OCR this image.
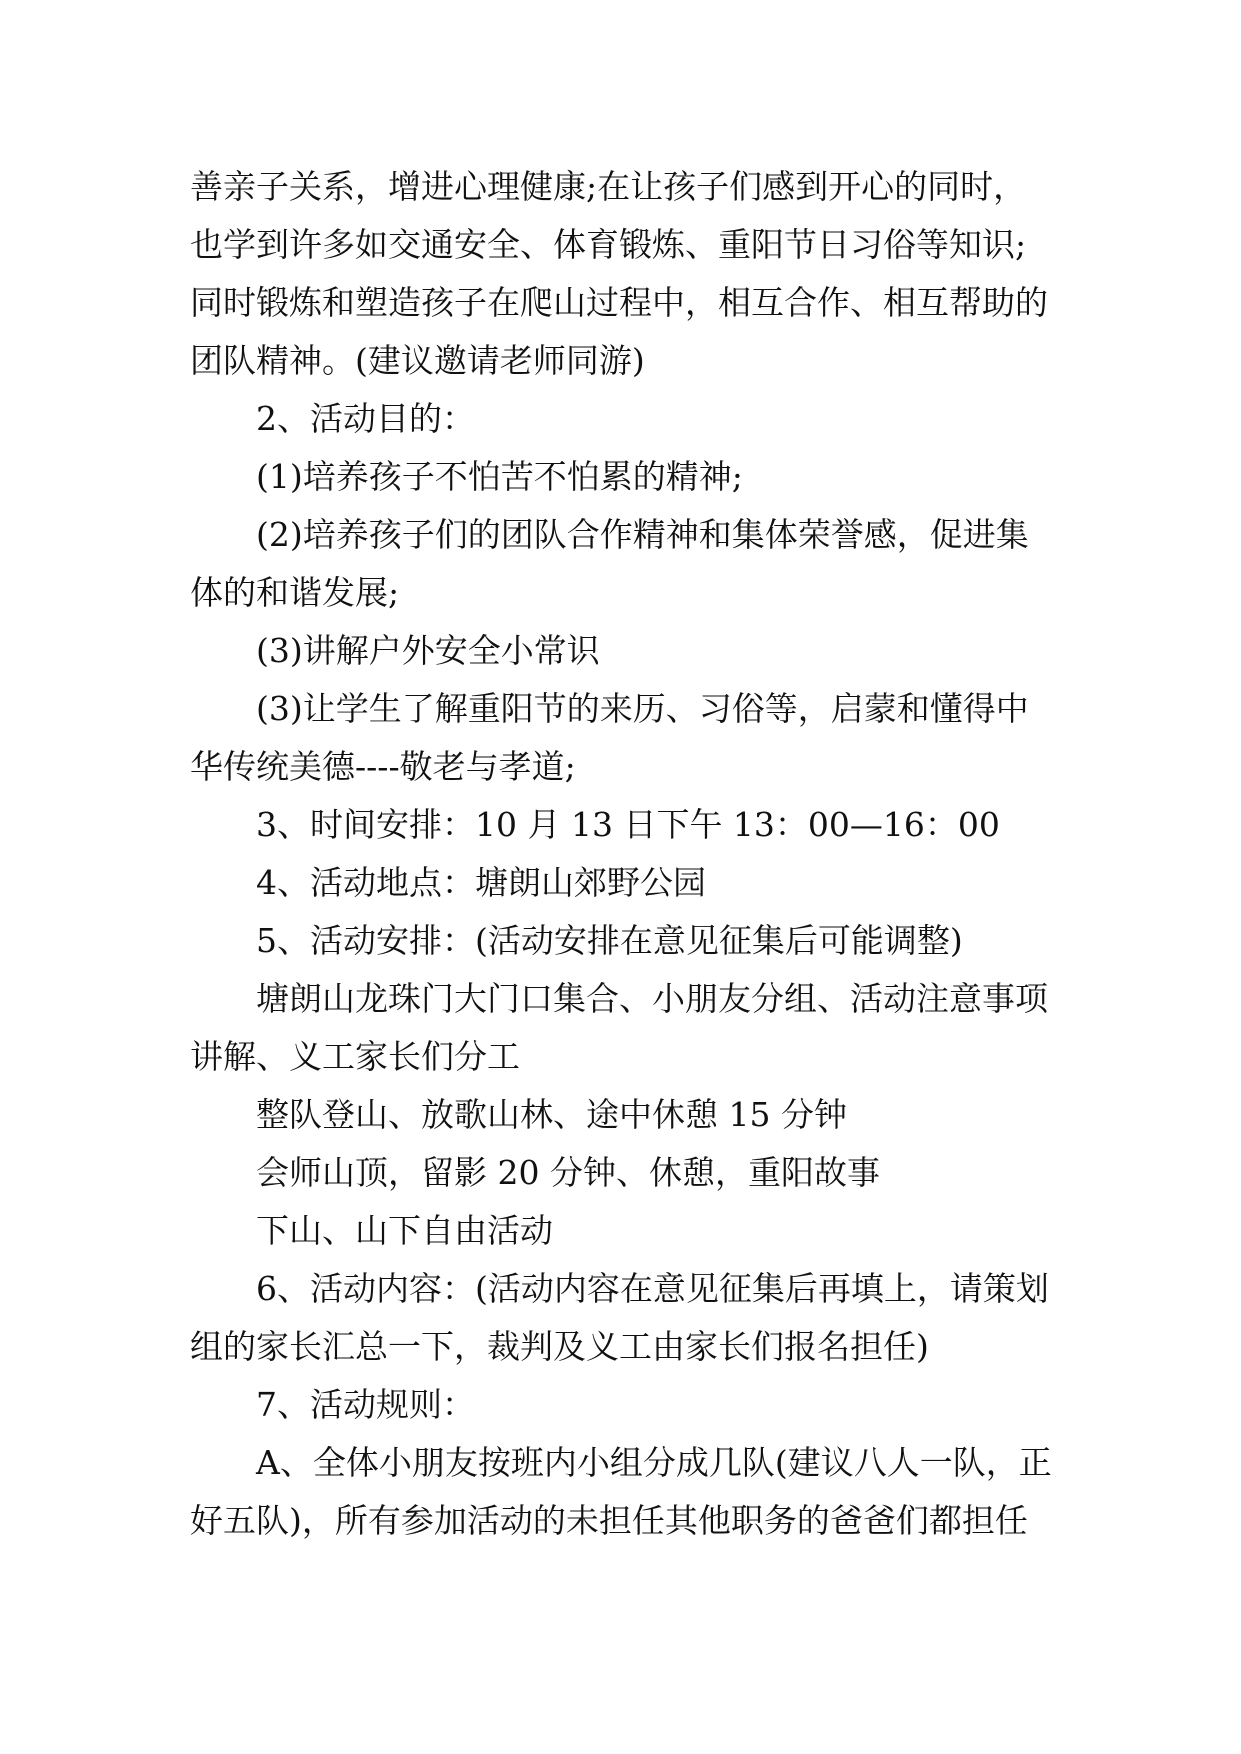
善亲子关系，增进心理健康;在让孩子们感到开心的同时，

也学到许多如交通安全、体育锻炼、重阳节日习俗等知识;

同时锻炼和塑造孩子在爬山过程中，相互合作、相互帮助的

团队精神。(建议邀请老师同游)

2、活动目的：

(1)培养孩子不怕苦不怕累的精神;

(2)培养孩子们的团队合作精神和集体荣誉感，促进集

体的和谐发展;

(3)讲解户外安全小常识

(3)让学生了解重阳节的来历、习俗等，启蒙和懂得中

华传统美德----敬老与孝道;

3、时间安排：10 月 13 日下午 13：00—16：00

4、活动地点：塘朗山郊野公园

5、活动安排：(活动安排在意见征集后可能调整)

塘朗山龙珠门大门口集合、小朋友分组、活动注意事项

讲解、义工家长们分工

整队登山、放歌山林、途中休憩 15 分钟

会师山顶，留影 20 分钟、休憩，重阳故事

下山、山下自由活动

6、活动内容：(活动内容在意见征集后再填上，请策划

组的家长汇总一下，裁判及义工由家长们报名担任)

7、活动规则：

A、全体小朋友按班内小组分成几队(建议八人一队，正

好五队)，所有参加活动的未担任其他职务的爸爸们都担任
